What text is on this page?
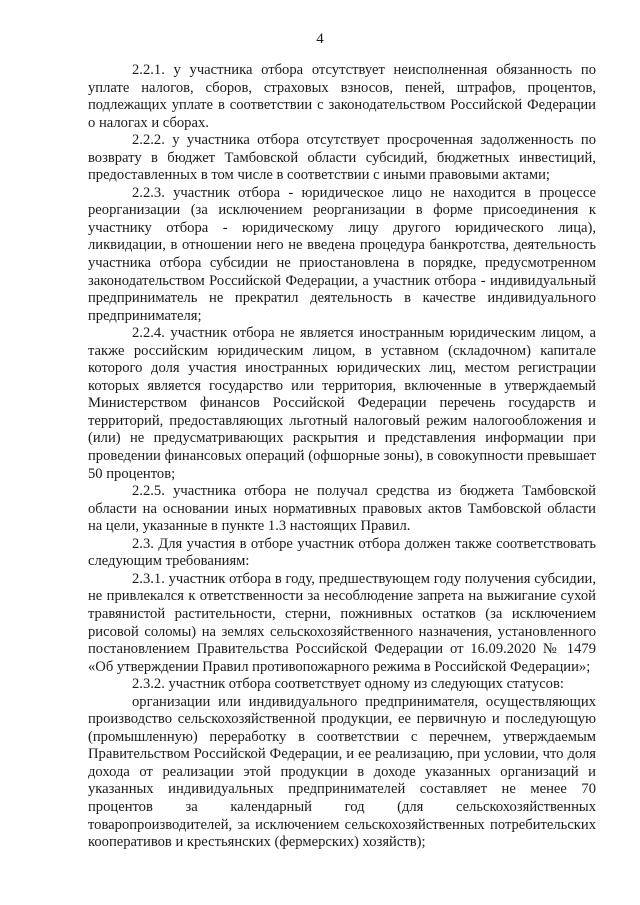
4

2.2.1. у участника отбора отсутствует неисполненная обязанность по уплате налогов, сборов, страховых взносов, пеней, штрафов, процентов, подлежащих уплате в соответствии с законодательством Российской Федерации о налогах и сборах.

2.2.2. у участника отбора отсутствует просроченная задолженность по возврату в бюджет Тамбовской области субсидий, бюджетных инвестиций, предоставленных в том числе в соответствии с иными правовыми актами;

2.2.3. участник отбора - юридическое лицо не находится в процессе реорганизации (за исключением реорганизации в форме присоединения к участнику отбора - юридическому лицу другого юридического лица), ликвидации, в отношении него не введена процедура банкротства, деятельность участника отбора субсидии не приостановлена в порядке, предусмотренном законодательством Российской Федерации, а участник отбора - индивидуальный предприниматель не прекратил деятельность в качестве индивидуального предпринимателя;

2.2.4. участник отбора не является иностранным юридическим лицом, а также российским юридическим лицом, в уставном (складочном) капитале которого доля участия иностранных юридических лиц, местом регистрации которых является государство или территория, включенные в утверждаемый Министерством финансов Российской Федерации перечень государств и территорий, предоставляющих льготный налоговый режим налогообложения и (или) не предусматривающих раскрытия и представления информации при проведении финансовых операций (офшорные зоны), в совокупности превышает 50 процентов;

2.2.5. участника отбора не получал средства из бюджета Тамбовской области на основании иных нормативных правовых актов Тамбовской области на цели, указанные в пункте 1.3 настоящих Правил.

2.3. Для участия в отборе участник отбора должен также соответствовать следующим требованиям:

2.3.1. участник отбора в году, предшествующем году получения субсидии, не привлекался к ответственности за несоблюдение запрета на выжигание сухой травянистой растительности, стерни, пожнивных остатков (за исключением рисовой соломы) на землях сельскохозяйственного назначения, установленного постановлением Правительства Российской Федерации от 16.09.2020 № 1479 «Об утверждении Правил противопожарного режима в Российской Федерации»;

2.3.2. участник отбора соответствует одному из следующих статусов:

организации или индивидуального предпринимателя, осуществляющих производство сельскохозяйственной продукции, ее первичную и последующую (промышленную) переработку в соответствии с перечнем, утверждаемым Правительством Российской Федерации, и ее реализацию, при условии, что доля дохода от реализации этой продукции в доходе указанных организаций и указанных индивидуальных предпринимателей составляет не менее 70 процентов за календарный год (для сельскохозяйственных товаропроизводителей, за исключением сельскохозяйственных потребительских кооперативов и крестьянских (фермерских) хозяйств);
